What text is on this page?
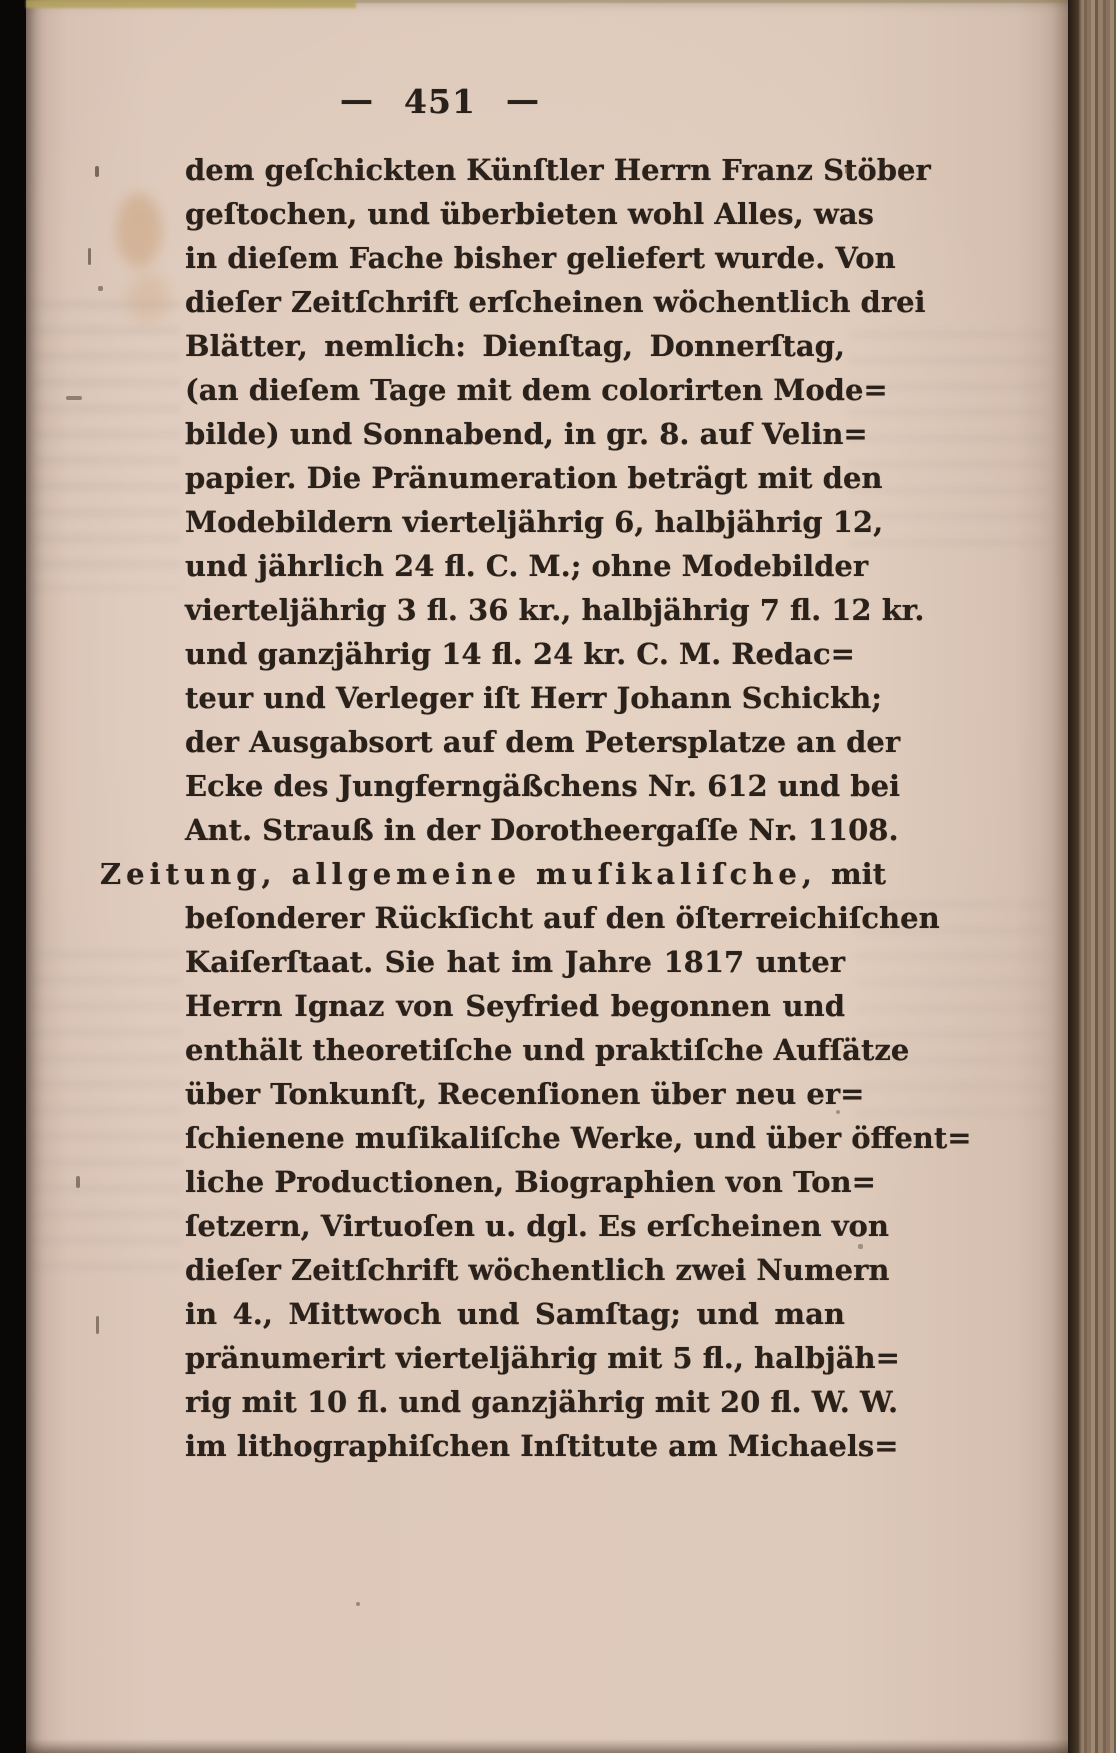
— 451 —
dem geſchickten Künſtler Herrn Franz Stöber
geſtochen, und überbieten wohl Alles, was
in dieſem Fache bisher geliefert wurde. Von
dieſer Zeitſchrift erſcheinen wöchentlich drei
Blätter, nemlich: Dienſtag, Donnerſtag,
(an dieſem Tage mit dem colorirten Mode=
bilde) und Sonnabend, in gr. 8. auf Velin=
papier. Die Pränumeration beträgt mit den
Modebildern vierteljährig 6, halbjährig 12,
und jährlich 24 fl. C. M.; ohne Modebilder
vierteljährig 3 fl. 36 kr., halbjährig 7 fl. 12 kr.
und ganzjährig 14 fl. 24 kr. C. M. Redac=
teur und Verleger iſt Herr Johann Schickh;
der Ausgabsort auf dem Petersplatze an der
Ecke des Jungferngäßchens Nr. 612 und bei
Ant. Strauß in der Dorotheergaſſe Nr. 1108.
Zeitung, allgemeine muſikaliſche, mit
beſonderer Rückſicht auf den öſterreichiſchen
Kaiſerſtaat. Sie hat im Jahre 1817 unter
Herrn Ignaz von Seyfried begonnen und
enthält theoretiſche und praktiſche Aufſätze
über Tonkunſt, Recenſionen über neu er=
ſchienene muſikaliſche Werke, und über öffent=
liche Productionen, Biographien von Ton=
ſetzern, Virtuoſen u. dgl. Es erſcheinen von
dieſer Zeitſchrift wöchentlich zwei Numern
in 4., Mittwoch und Samſtag; und man
pränumerirt vierteljährig mit 5 fl., halbjäh=
rig mit 10 fl. und ganzjährig mit 20 fl. W. W.
im lithographiſchen Inſtitute am Michaels=
